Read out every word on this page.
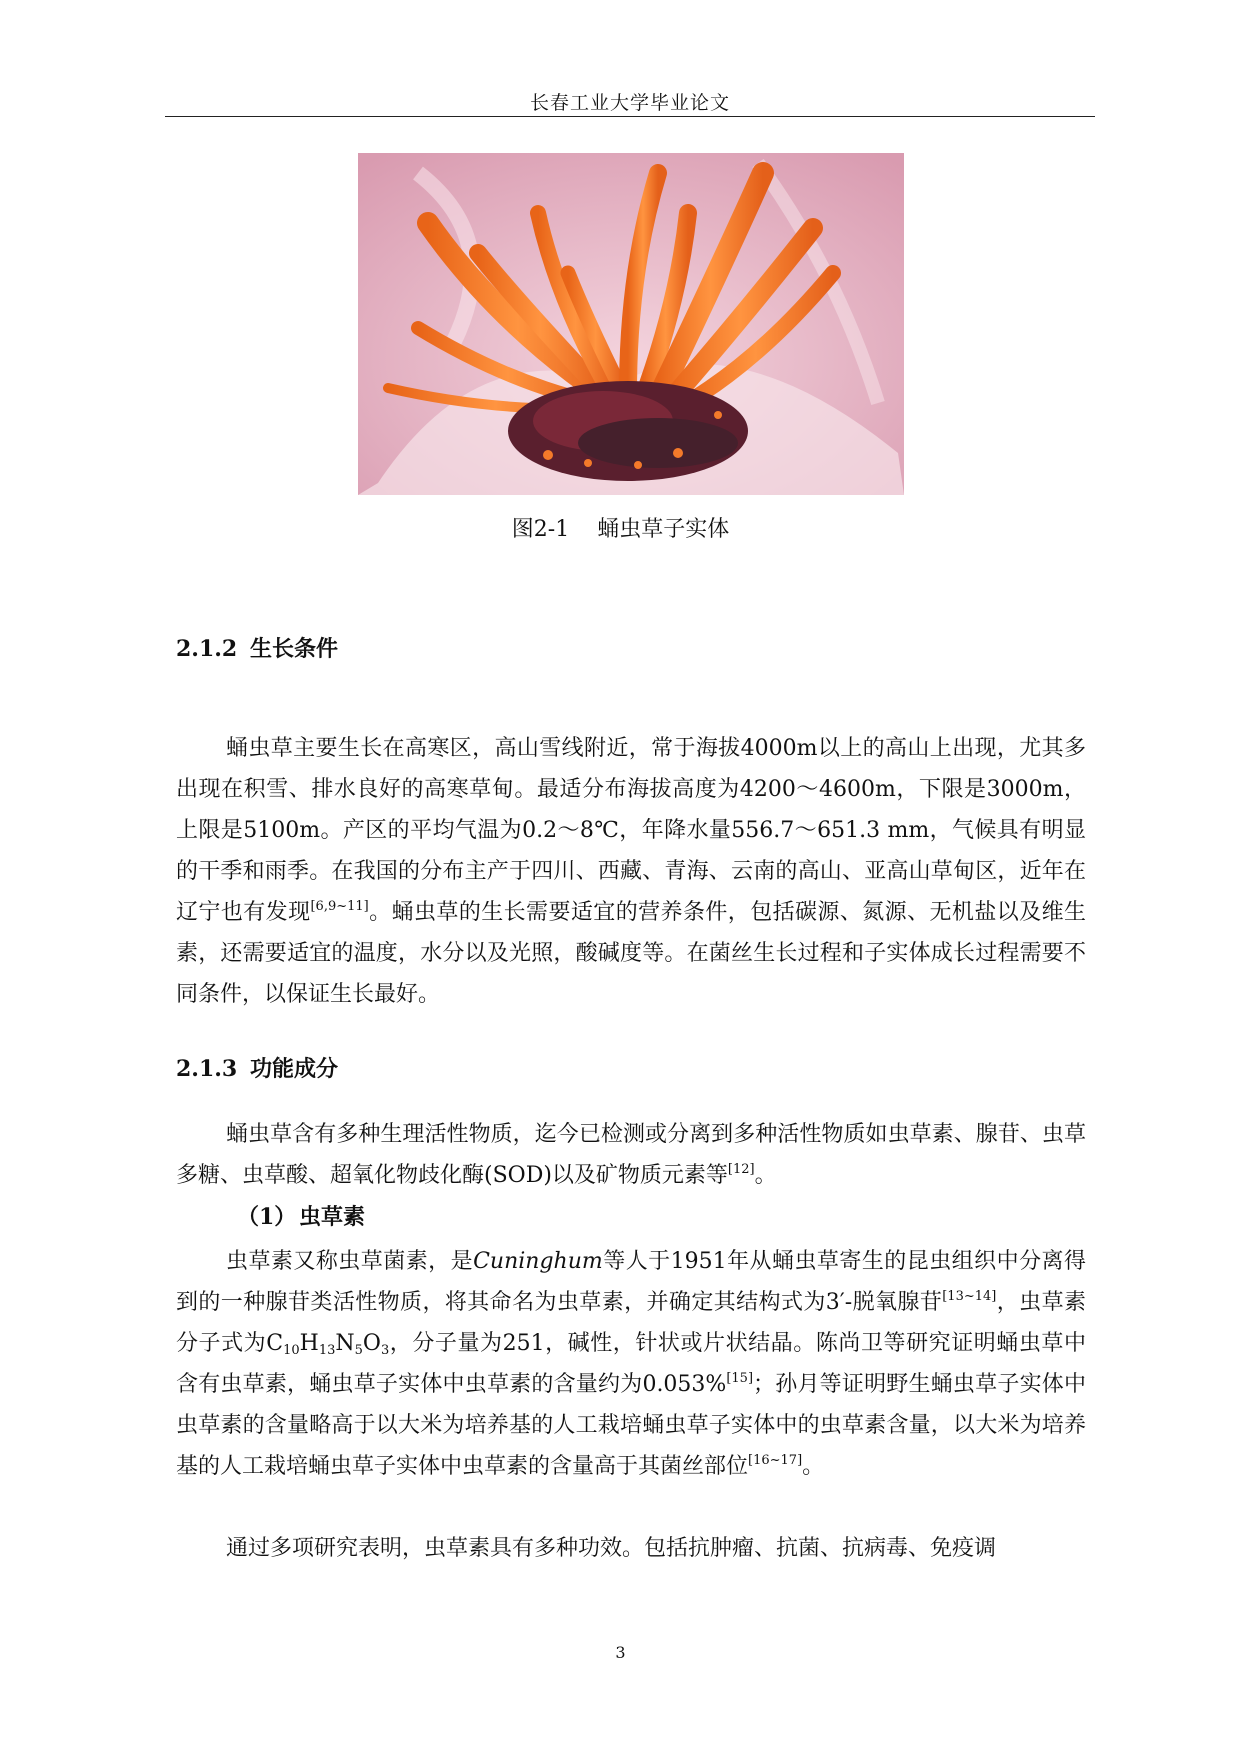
长春工业大学毕业论文
图2-1 蛹虫草子实体
2.1.2 生长条件

蛹虫草主要生长在高寒区，高山雪线附近，常于海拔4000m以上的高山上出现，尤其多出现在积雪、排水良好的高寒草甸。最适分布海拔高度为4200～4600m，下限是3000m，上限是5100m。产区的平均气温为0.2～8℃，年降水量556.7～651.3 mm，气候具有明显的干季和雨季。在我国的分布主产于四川、西藏、青海、云南的高山、亚高山草甸区，近年在辽宁也有发现[6,9~11]。蛹虫草的生长需要适宜的营养条件，包括碳源、氮源、无机盐以及维生素，还需要适宜的温度，水分以及光照，酸碱度等。在菌丝生长过程和子实体成长过程需要不同条件，以保证生长最好。

2.1.3 功能成分

蛹虫草含有多种生理活性物质，迄今已检测或分离到多种活性物质如虫草素、腺苷、虫草多糖、虫草酸、超氧化物歧化酶(SOD)以及矿物质元素等[12]。

（1） 虫草素

虫草素又称虫草菌素，是Cuninghum等人于1951年从蛹虫草寄生的昆虫组织中分离得到的一种腺苷类活性物质，将其命名为虫草素，并确定其结构式为3′-脱氧腺苷[13~14]，虫草素分子式为$C_{10}H_{13}N_5O_3$，分子量为251，碱性，针状或片状结晶。陈尚卫等研究证明蛹虫草中含有虫草素，蛹虫草子实体中虫草素的含量约为0.053%[15]；孙月等证明野生蛹虫草子实体中虫草素的含量略高于以大米为培养基的人工栽培蛹虫草子实体中的虫草素含量，以大米为培养基的人工栽培蛹虫草子实体中虫草素的含量高于其菌丝部位[16~17]。

通过多项研究表明，虫草素具有多种功效。包括抗肿瘤、抗菌、抗病毒、免疫调

3
